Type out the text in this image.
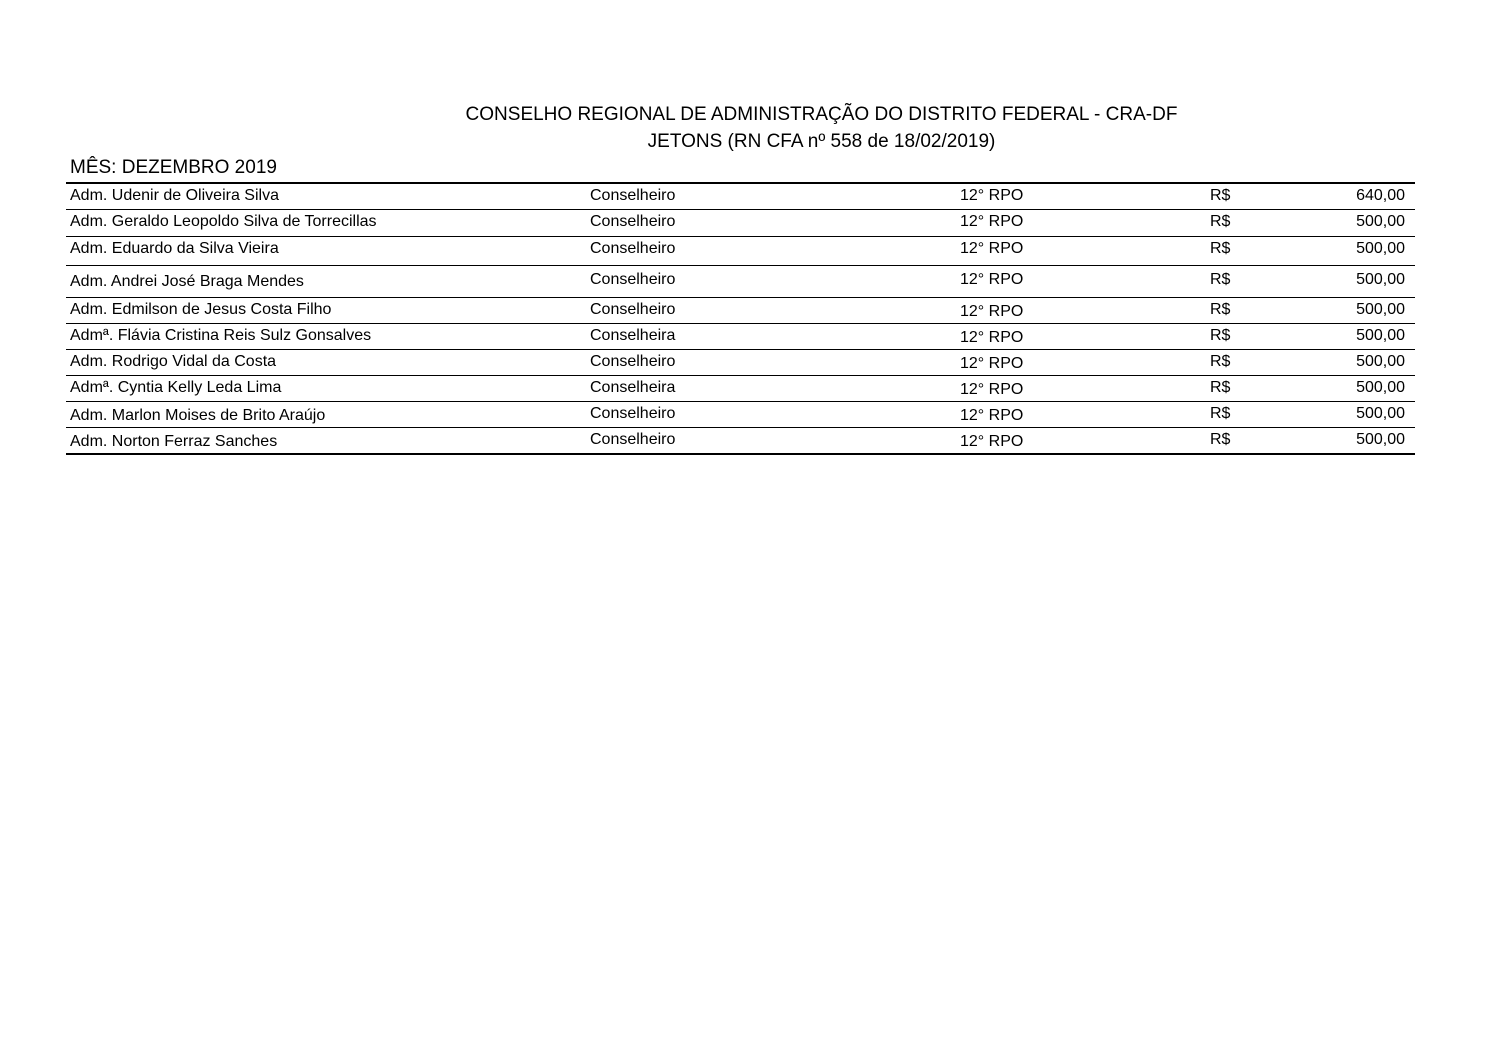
CONSELHO REGIONAL DE ADMINISTRAÇÃO DO DISTRITO FEDERAL - CRA-DF
JETONS (RN CFA nº 558 de 18/02/2019)
MÊS: DEZEMBRO 2019
Adm. Udenir de Oliveira Silva	Conselheiro	12° RPO	R$	640,00
Adm. Geraldo Leopoldo Silva de Torrecillas	Conselheiro	12° RPO	R$	500,00
Adm. Eduardo da Silva Vieira	Conselheiro	12° RPO	R$	500,00
Adm. Andrei José Braga Mendes	Conselheiro	12° RPO	R$	500,00
Adm. Edmilson de Jesus Costa Filho	Conselheiro	12° RPO	R$	500,00
Admª. Flávia Cristina Reis Sulz Gonsalves	Conselheira	12° RPO	R$	500,00
Adm. Rodrigo Vidal da Costa	Conselheiro	12° RPO	R$	500,00
Admª. Cyntia Kelly Leda Lima	Conselheira	12° RPO	R$	500,00
Adm. Marlon Moises de Brito Araújo	Conselheiro	12° RPO	R$	500,00
Adm. Norton Ferraz Sanches	Conselheiro	12° RPO	R$	500,00
